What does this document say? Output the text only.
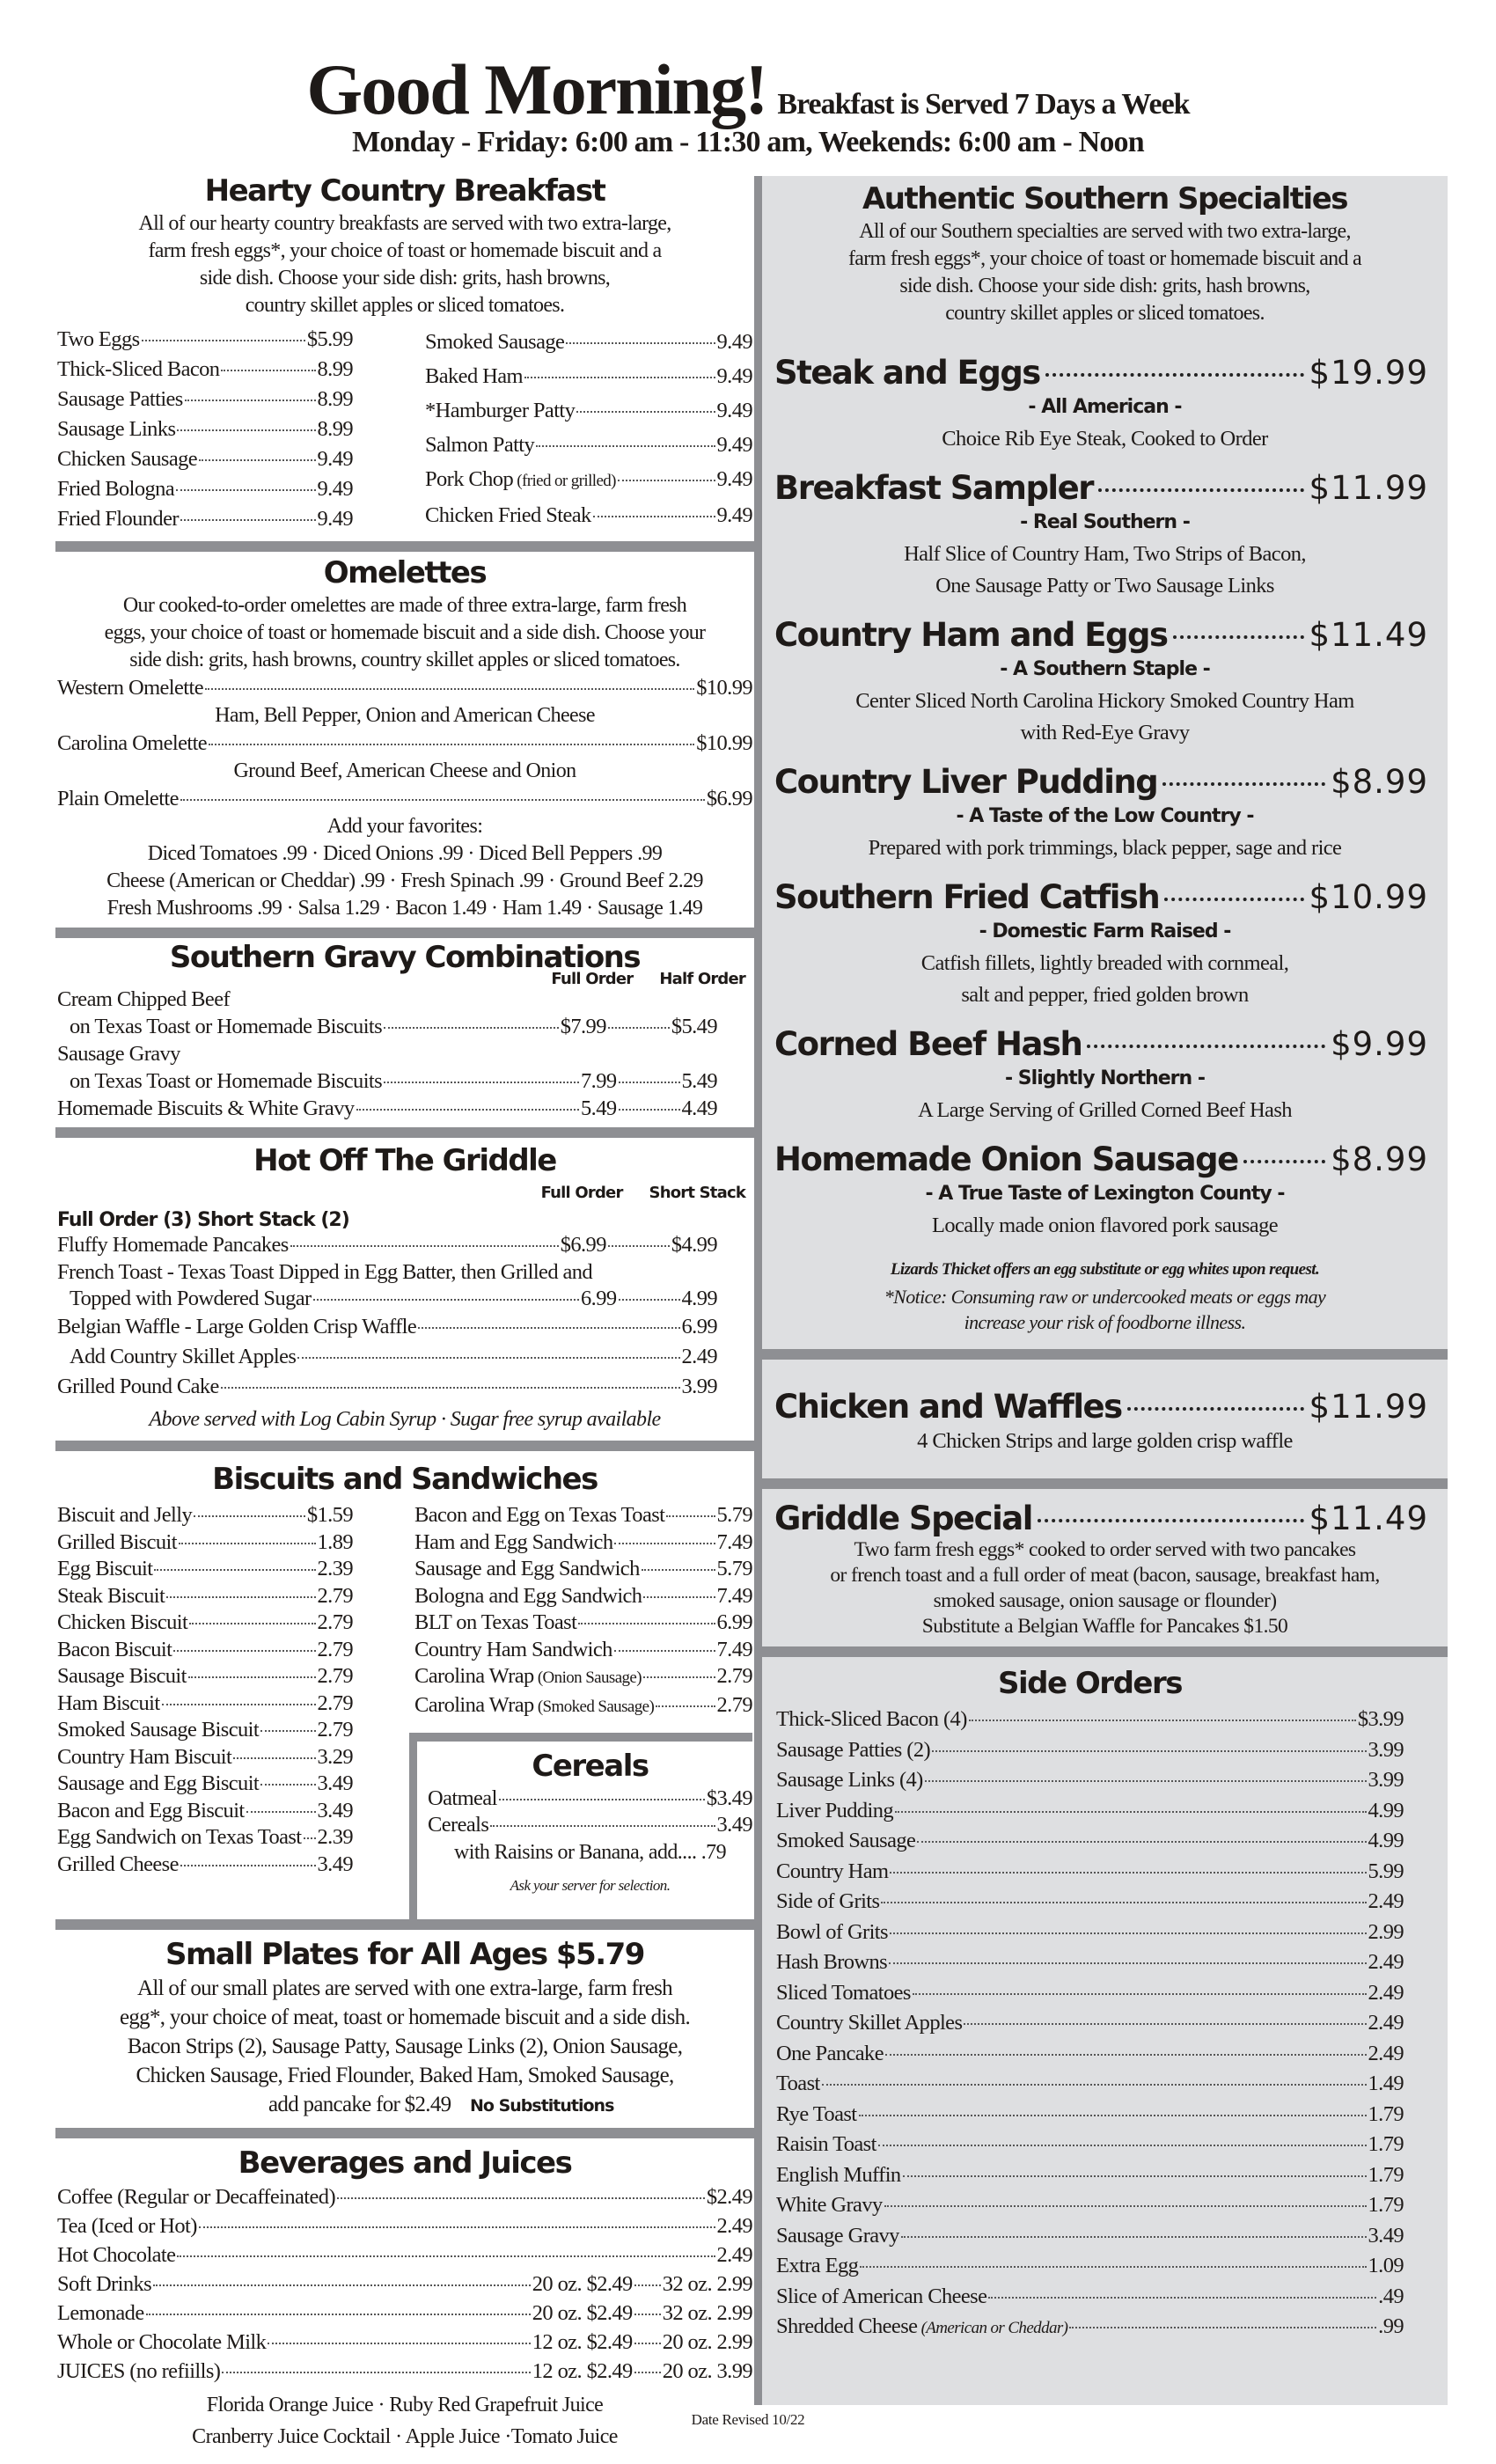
Good Morning! Breakfast is Served 7 Days a Week
Monday - Friday: 6:00 am - 11:30 am, Weekends: 6:00 am - Noon
Hearty Country Breakfast
All of our hearty country breakfasts are served with two extra-large,
farm fresh eggs*, your choice of toast or homemade biscuit and a
side dish. Choose your side dish: grits, hash browns,
country skillet apples or sliced tomatoes.
Two Eggs	$5.99
Thick-Sliced Bacon	8.99
Sausage Patties	8.99
Sausage Links	8.99
Chicken Sausage	9.49
Fried Bologna	9.49
Fried Flounder	9.49
Smoked Sausage	9.49
Baked Ham	9.49
*Hamburger Patty	9.49
Salmon Patty	9.49
Pork Chop (fried or grilled)	9.49
Chicken Fried Steak	9.49
Omelettes
Our cooked-to-order omelettes are made of three extra-large, farm fresh
eggs, your choice of toast or homemade biscuit and a side dish. Choose your
side dish: grits, hash browns, country skillet apples or sliced tomatoes.
Western Omelette	$10.99
Ham, Bell Pepper, Onion and American Cheese
Carolina Omelette	$10.99
Ground Beef, American Cheese and Onion
Plain Omelette	$6.99
Add your favorites:
Diced Tomatoes .99 · Diced Onions .99 · Diced Bell Peppers .99
Cheese (American or Cheddar) .99 · Fresh Spinach .99 · Ground Beef 2.29
Fresh Mushrooms .99 · Salsa 1.29 · Bacon 1.49 · Ham 1.49 · Sausage 1.49
Southern Gravy Combinations
Full Order Half Order
Cream Chipped Beef
on Texas Toast or Homemade Biscuits	$7.99	$5.49
Sausage Gravy
on Texas Toast or Homemade Biscuits	7.99	5.49
Homemade Biscuits & White Gravy	5.49	4.49
Hot Off The Griddle
Full Order Short Stack
Full Order (3) Short Stack (2)
Fluffy Homemade Pancakes	$6.99	$4.99
French Toast - Texas Toast Dipped in Egg Batter, then Grilled and
Topped with Powdered Sugar	6.99	4.99
Belgian Waffle - Large Golden Crisp Waffle	6.99
Add Country Skillet Apples	2.49
Grilled Pound Cake	3.99
Above served with Log Cabin Syrup · Sugar free syrup available
Biscuits and Sandwiches
Biscuit and Jelly	$1.59
Grilled Biscuit	1.89
Egg Biscuit	2.39
Steak Biscuit	2.79
Chicken Biscuit	2.79
Bacon Biscuit	2.79
Sausage Biscuit	2.79
Ham Biscuit	2.79
Smoked Sausage Biscuit	2.79
Country Ham Biscuit	3.29
Sausage and Egg Biscuit	3.49
Bacon and Egg Biscuit	3.49
Egg Sandwich on Texas Toast 2.39
Grilled Cheese	3.49
Bacon and Egg on Texas Toast 5.79
Ham and Egg Sandwich	7.49
Sausage and Egg Sandwich	5.79
Bologna and Egg Sandwich	7.49
BLT on Texas Toast	6.99
Country Ham Sandwich	7.49
Carolina Wrap (Onion Sausage)	2.79
Carolina Wrap (Smoked Sausage)	2.79
Cereals
Oatmeal	$3.49
Cereals	3.49
with Raisins or Banana, add.... .79
Ask your server for selection.
Small Plates for All Ages $5.79
All of our small plates are served with one extra-large, farm fresh
egg*, your choice of meat, toast or homemade biscuit and a side dish.
Bacon Strips (2), Sausage Patty, Sausage Links (2), Onion Sausage,
Chicken Sausage, Fried Flounder, Baked Ham, Smoked Sausage,
add pancake for $2.49 No Substitutions
Beverages and Juices
Coffee (Regular or Decaffeinated)	$2.49
Tea (Iced or Hot)	2.49
Hot Chocolate	2.49
Soft Drinks	20 oz. $2.49 32 oz. 2.99
Lemonade	20 oz. $2.49 32 oz. 2.99
Whole or Chocolate Milk	12 oz. $2.49 20 oz. 2.99
JUICES (no refiills)	12 oz. $2.49 20 oz. 3.99
Florida Orange Juice · Ruby Red Grapefruit Juice
Cranberry Juice Cocktail · Apple Juice ·Tomato Juice
Authentic Southern Specialties
All of our Southern specialties are served with two extra-large,
farm fresh eggs*, your choice of toast or homemade biscuit and a
side dish. Choose your side dish: grits, hash browns,
country skillet apples or sliced tomatoes.
Steak and Eggs	$19.99
- All American -
Choice Rib Eye Steak, Cooked to Order
Breakfast Sampler	$11.99
- Real Southern -
Half Slice of Country Ham, Two Strips of Bacon,
One Sausage Patty or Two Sausage Links
Country Ham and Eggs	$11.49
- A Southern Staple -
Center Sliced North Carolina Hickory Smoked Country Ham
with Red-Eye Gravy
Country Liver Pudding	$8.99
- A Taste of the Low Country -
Prepared with pork trimmings, black pepper, sage and rice
Southern Fried Catfish	$10.99
- Domestic Farm Raised -
Catfish fillets, lightly breaded with cornmeal,
salt and pepper, fried golden brown
Corned Beef Hash	$9.99
- Slightly Northern -
A Large Serving of Grilled Corned Beef Hash
Homemade Onion Sausage	$8.99
- A True Taste of Lexington County -
Locally made onion flavored pork sausage
Lizards Thicket offers an egg substitute or egg whites upon request.
*Notice: Consuming raw or undercooked meats or eggs may
increase your risk of foodborne illness.
Chicken and Waffles	$11.99
4 Chicken Strips and large golden crisp waffle
Griddle Special	$11.49
Two farm fresh eggs* cooked to order served with two pancakes
or french toast and a full order of meat (bacon, sausage, breakfast ham,
smoked sausage, onion sausage or flounder)
Substitute a Belgian Waffle for Pancakes $1.50
Side Orders
Thick-Sliced Bacon (4)	$3.99
Sausage Patties (2)	3.99
Sausage Links (4)	3.99
Liver Pudding	4.99
Smoked Sausage	4.99
Country Ham	5.99
Side of Grits	2.49
Bowl of Grits	2.99
Hash Browns	2.49
Sliced Tomatoes	2.49
Country Skillet Apples	2.49
One Pancake	2.49
Toast	1.49
Rye Toast	1.79
Raisin Toast	1.79
English Muffin	1.79
White Gravy	1.79
Sausage Gravy	3.49
Extra Egg	1.09
Slice of American Cheese	.49
Shredded Cheese (American or Cheddar)	.99
Date Revised 10/22
